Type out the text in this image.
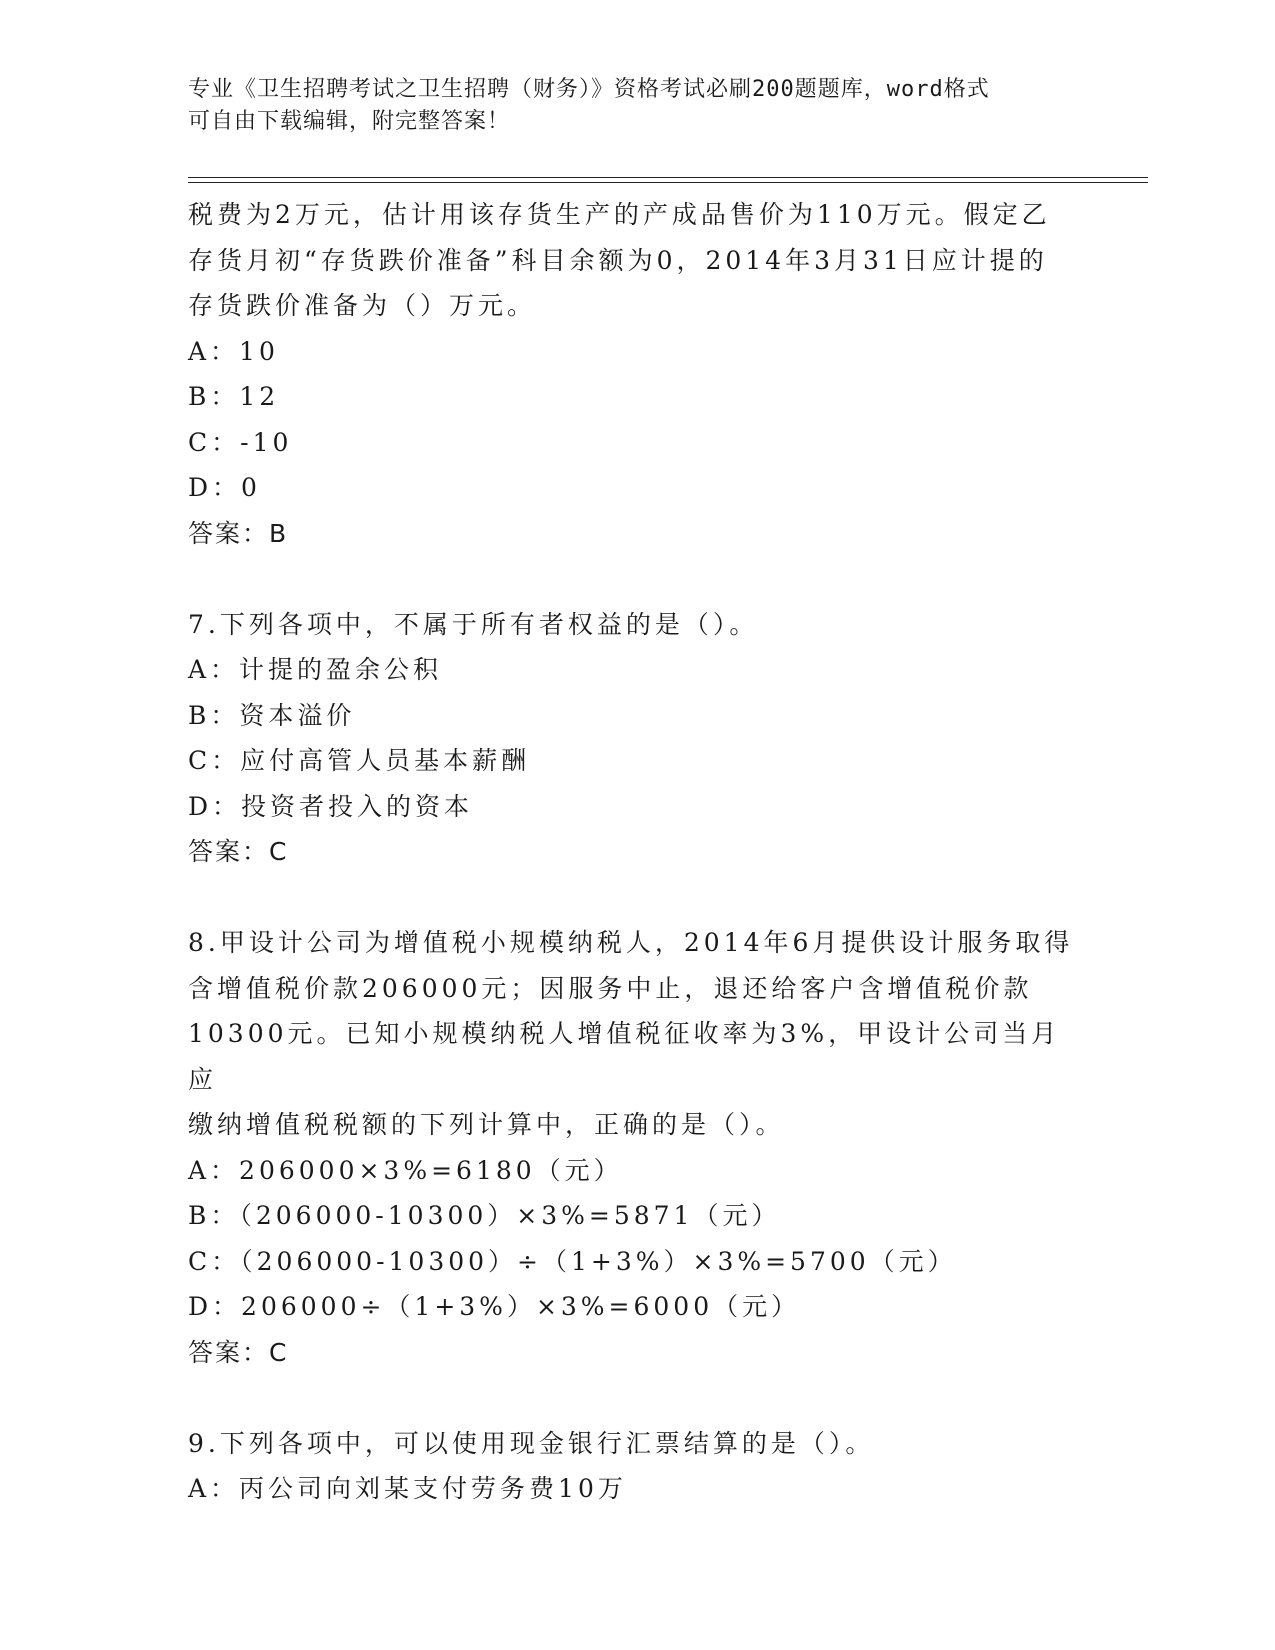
专业《卫生招聘考试之卫生招聘（财务）》资格考试必刷200题题库，word格式
可自由下载编辑，附完整答案！

税费为2万元，估计用该存货生产的产成品售价为110万元。假定乙

存货月初“存货跌价准备”科目余额为0，2014年3月31日应计提的

存货跌价准备为（）万元。

A：10

B：12

C：-10

D：0

答案：B

7.下列各项中，不属于所有者权益的是（）。

A：计提的盈余公积

B：资本溢价

C：应付高管人员基本薪酬

D：投资者投入的资本

答案：C

8.甲设计公司为增值税小规模纳税人，2014年6月提供设计服务取得

含增值税价款206000元；因服务中止，退还给客户含增值税价款

10300元。已知小规模纳税人增值税征收率为3%，甲设计公司当月应

缴纳增值税税额的下列计算中，正确的是（）。

A：206000×3%=6180（元）

B：（206000-10300）×3%=5871（元）

C：（206000-10300）÷（1+3%）×3%=5700（元）

D：206000÷（1+3%）×3%=6000（元）

答案：C

9.下列各项中，可以使用现金银行汇票结算的是（）。

A：丙公司向刘某支付劳务费10万
